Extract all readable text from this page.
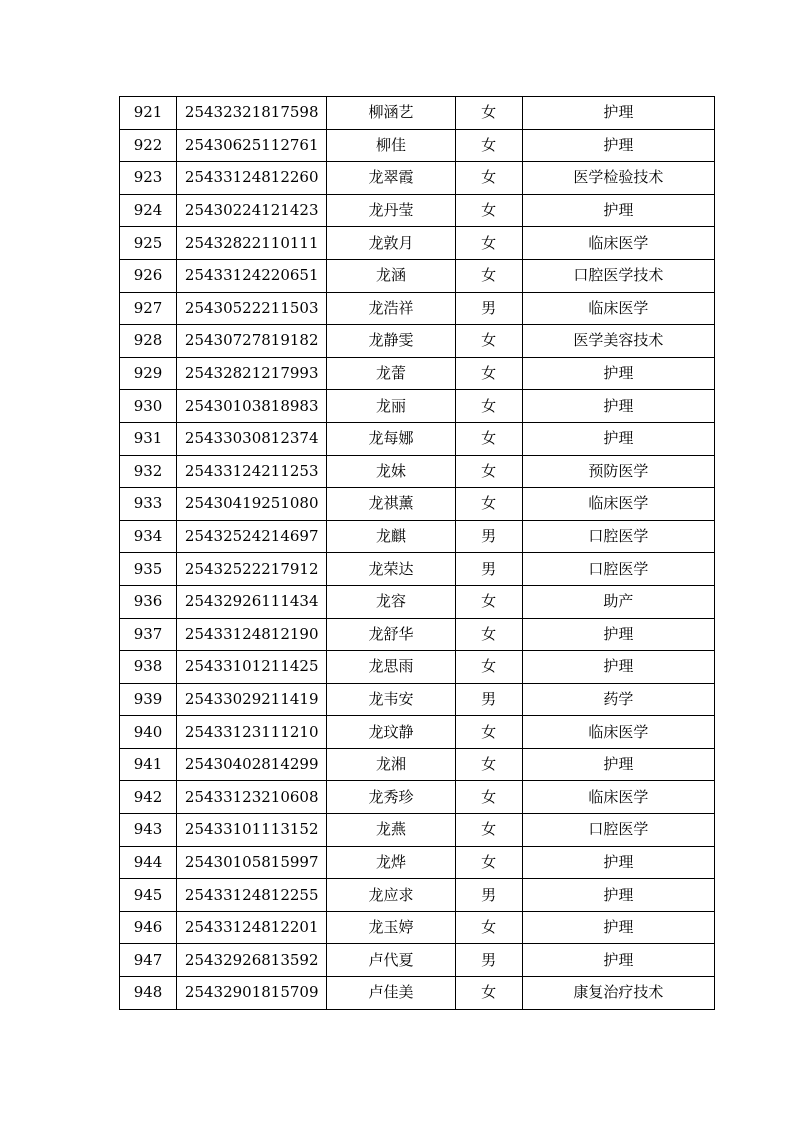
921	25432321817598	柳涵艺	女	护理
922	25430625112761	柳佳	女	护理
923	25433124812260	龙翠霞	女	医学检验技术
924	25430224121423	龙丹莹	女	护理
925	25432822110111	龙敦月	女	临床医学
926	25433124220651	龙涵	女	口腔医学技术
927	25430522211503	龙浩祥	男	临床医学
928	25430727819182	龙静雯	女	医学美容技术
929	25432821217993	龙蕾	女	护理
930	25430103818983	龙丽	女	护理
931	25433030812374	龙每娜	女	护理
932	25433124211253	龙妹	女	预防医学
933	25430419251080	龙祺薰	女	临床医学
934	25432524214697	龙麒	男	口腔医学
935	25432522217912	龙荣达	男	口腔医学
936	25432926111434	龙容	女	助产
937	25433124812190	龙舒华	女	护理
938	25433101211425	龙思雨	女	护理
939	25433029211419	龙韦安	男	药学
940	25433123111210	龙玟静	女	临床医学
941	25430402814299	龙湘	女	护理
942	25433123210608	龙秀珍	女	临床医学
943	25433101113152	龙燕	女	口腔医学
944	25430105815997	龙烨	女	护理
945	25433124812255	龙应求	男	护理
946	25433124812201	龙玉婷	女	护理
947	25432926813592	卢代夏	男	护理
948	25432901815709	卢佳美	女	康复治疗技术
